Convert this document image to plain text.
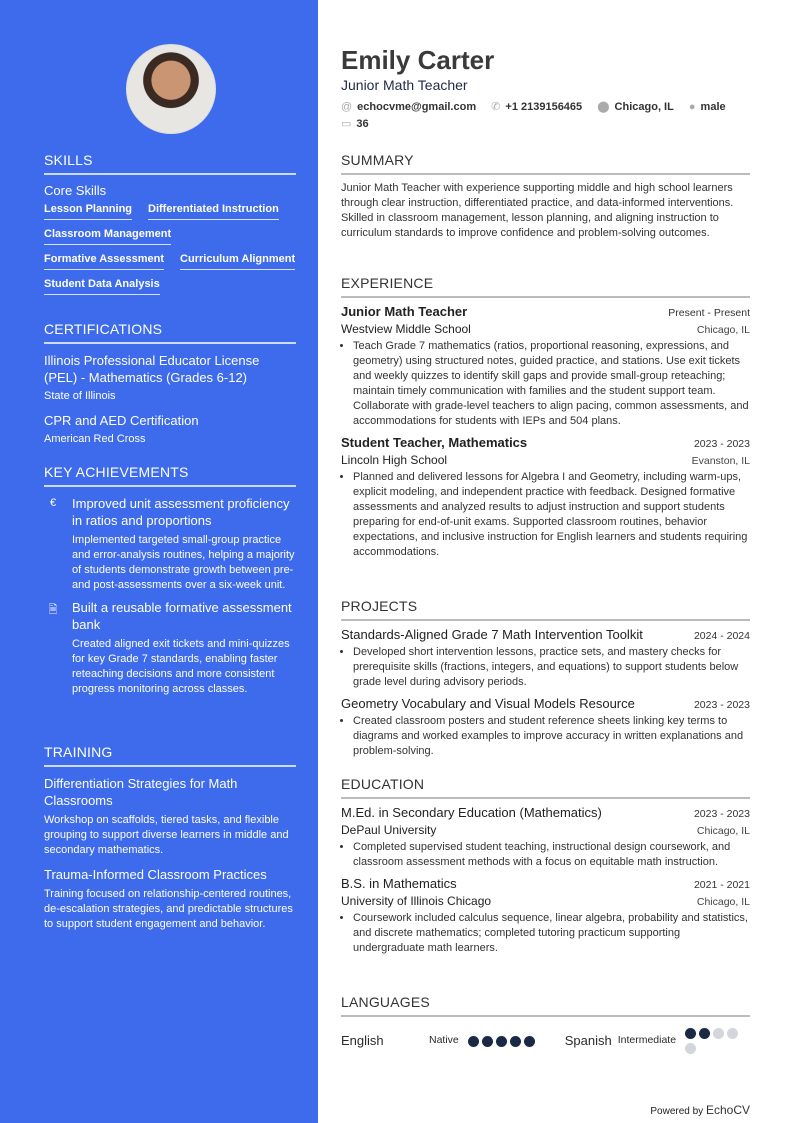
SKILLS
Core Skills
Lesson Planning Differentiated Instruction
Classroom Management
Formative Assessment Curriculum Alignment
Student Data Analysis
CERTIFICATIONS
Illinois Professional Educator License (PEL) - Mathematics (Grades 6-12)
State of Illinois
CPR and AED Certification
American Red Cross
KEY ACHIEVEMENTS
€	Improved unit assessment proficiency in ratios and proportions
Implemented targeted small-group practice and error-analysis routines, helping a majority of students demonstrate growth between pre- and post-assessments over a six-week unit.
🗎	Built a reusable formative assessment bank
Created aligned exit tickets and mini-quizzes for key Grade 7 standards, enabling faster reteaching decisions and more consistent progress monitoring across classes.
TRAINING
Differentiation Strategies for Math Classrooms
Workshop on scaffolds, tiered tasks, and flexible grouping to support diverse learners in middle and secondary mathematics.
Trauma-Informed Classroom Practices
Training focused on relationship-centered routines, de-escalation strategies, and predictable structures to support student engagement and behavior.
Emily Carter
Junior Math Teacher
@ echocvme@gmail.com ✆ +1 2139156465 ⬤ Chicago, IL ● male
▭ 36
SUMMARY
Junior Math Teacher with experience supporting middle and high school learners through clear instruction, differentiated practice, and data-informed interventions. Skilled in classroom management, lesson planning, and aligning instruction to curriculum standards to improve confidence and problem-solving outcomes.
EXPERIENCE
Junior Math Teacher	Present - Present
Westview Middle School	Chicago, IL
• Teach Grade 7 mathematics (ratios, proportional reasoning, expressions, and geometry) using structured notes, guided practice, and stations. Use exit tickets and weekly quizzes to identify skill gaps and provide small-group reteaching; maintain timely communication with families and the student support team. Collaborate with grade-level teachers to align pacing, common assessments, and accommodations for students with IEPs and 504 plans.
Student Teacher, Mathematics	2023 - 2023
Lincoln High School	Evanston, IL
• Planned and delivered lessons for Algebra I and Geometry, including warm-ups, explicit modeling, and independent practice with feedback. Designed formative assessments and analyzed results to adjust instruction and support students preparing for end-of-unit exams. Supported classroom routines, behavior expectations, and inclusive instruction for English learners and students requiring accommodations.
PROJECTS
Standards-Aligned Grade 7 Math Intervention Toolkit	2024 - 2024
• Developed short intervention lessons, practice sets, and mastery checks for prerequisite skills (fractions, integers, and equations) to support students below grade level during advisory periods.
Geometry Vocabulary and Visual Models Resource	2023 - 2023
• Created classroom posters and student reference sheets linking key terms to diagrams and worked examples to improve accuracy in written explanations and problem-solving.
EDUCATION
M.Ed. in Secondary Education (Mathematics)	2023 - 2023
DePaul University	Chicago, IL
• Completed supervised student teaching, instructional design coursework, and classroom assessment methods with a focus on equitable math instruction.
B.S. in Mathematics	2021 - 2021
University of Illinois Chicago	Chicago, IL
• Coursework included calculus sequence, linear algebra, probability and statistics, and discrete mathematics; completed tutoring practicum supporting undergraduate math learners.
LANGUAGES
English	Native	Spanish Intermediate
Powered by EchoCV
